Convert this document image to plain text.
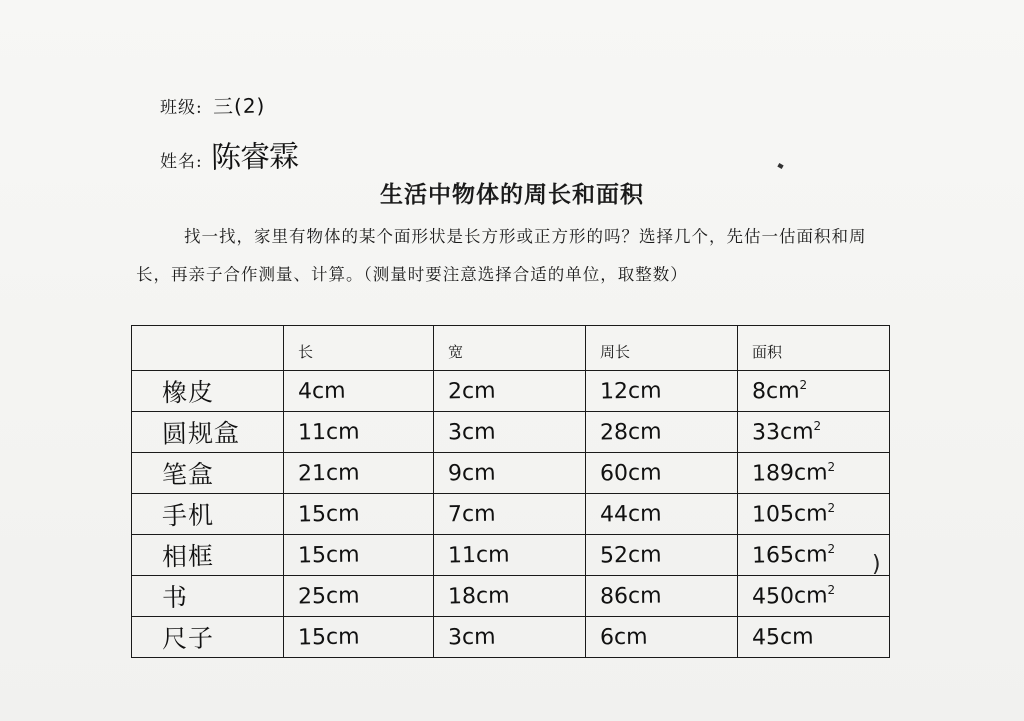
班级: 三(2)
姓名: 陈睿霖
生活中物体的周长和面积
找一找，家里有物体的某个面形状是长方形或正方形的吗？选择几个，先估一估面积和周长，再亲子合作测量、计算。（测量时要注意选择合适的单位，取整数）
	长	宽	周长	面积
橡皮	4cm	2cm	12cm	$8cm^2$
圆规盒	11cm	3cm	28cm	$33cm^2$
笔盒	21cm	9cm	60cm	$189cm^2$
手机	15cm	7cm	44cm	$105cm^2$
相框	15cm	11cm	52cm	$165cm^2$
书	25cm	18cm	86cm	$450cm^2$
尺子	15cm	3cm	6cm	45cm
)
